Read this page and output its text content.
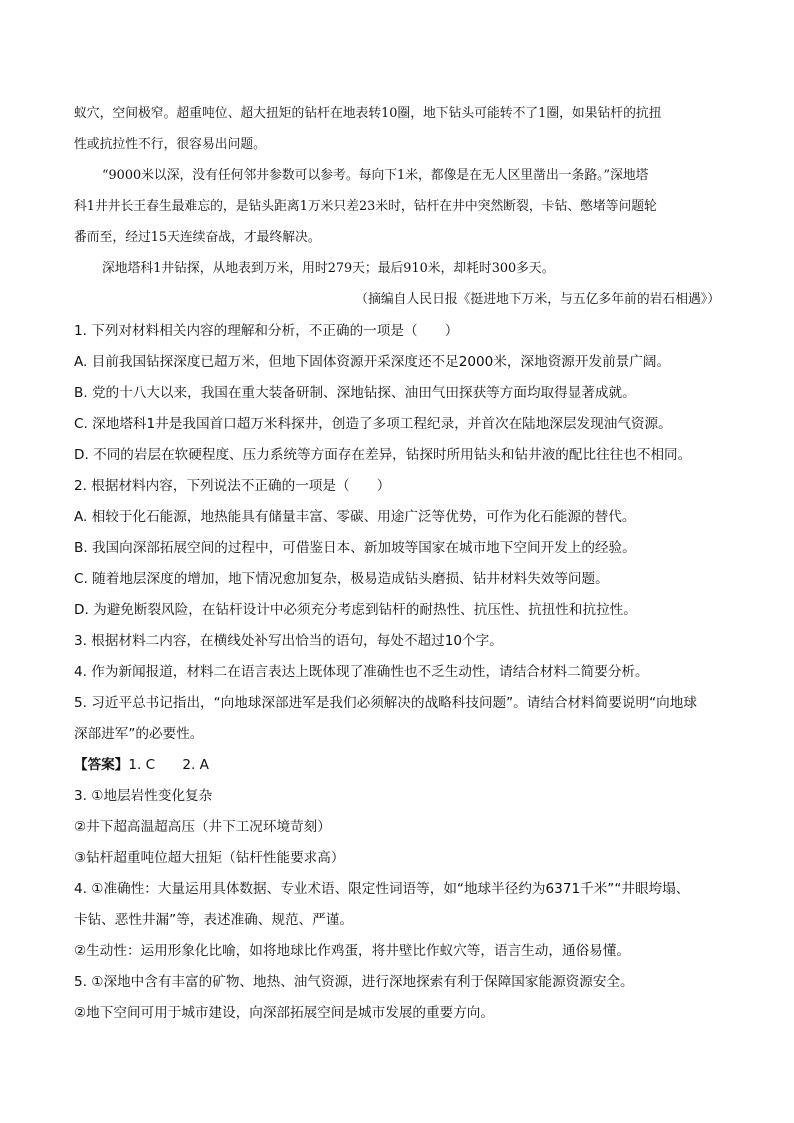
蚁穴，空间极窄。超重吨位、超大扭矩的钻杆在地表转10圈，地下钻头可能转不了1圈，如果钻杆的抗扭
性或抗拉性不行，很容易出问题。
“9000米以深，没有任何邻井参数可以参考。每向下1米，都像是在无人区里凿出一条路。”深地塔
科1井井长王春生最难忘的，是钻头距离1万米只差23米时，钻杆在井中突然断裂，卡钻、憋堵等问题轮
番而至，经过15天连续奋战，才最终解决。
深地塔科1井钻探，从地表到万米，用时279天；最后910米，却耗时300多天。
（摘编自人民日报《挺进地下万米，与五亿多年前的岩石相遇》）
1. 下列对材料相关内容的理解和分析，不正确的一项是（　　）
A. 目前我国钻探深度已超万米，但地下固体资源开采深度还不足2000米，深地资源开发前景广阔。
B. 党的十八大以来，我国在重大装备研制、深地钻探、油田气田探获等方面均取得显著成就。
C. 深地塔科1井是我国首口超万米科探井，创造了多项工程纪录，并首次在陆地深层发现油气资源。
D. 不同的岩层在软硬程度、压力系统等方面存在差异，钻探时所用钻头和钻井液的配比往往也不相同。
2. 根据材料内容，下列说法不正确的一项是（　　）
A. 相较于化石能源，地热能具有储量丰富、零碳、用途广泛等优势，可作为化石能源的替代。
B. 我国向深部拓展空间的过程中，可借鉴日本、新加坡等国家在城市地下空间开发上的经验。
C. 随着地层深度的增加，地下情况愈加复杂，极易造成钻头磨损、钻井材料失效等问题。
D. 为避免断裂风险，在钻杆设计中必须充分考虑到钻杆的耐热性、抗压性、抗扭性和抗拉性。
3. 根据材料二内容，在横线处补写出恰当的语句，每处不超过10个字。
4. 作为新闻报道，材料二在语言表达上既体现了准确性也不乏生动性，请结合材料二简要分析。
5. 习近平总书记指出，“向地球深部进军是我们必须解决的战略科技问题”。请结合材料简要说明“向地球
深部进军”的必要性。
【答案】1. C　　2. A
3. ①地层岩性变化复杂
②井下超高温超高压（井下工况环境苛刻）
③钻杆超重吨位超大扭矩（钻杆性能要求高）
4. ①准确性：大量运用具体数据、专业术语、限定性词语等，如“地球半径约为6371千米”“井眼垮塌、
卡钻、恶性井漏”等，表述准确、规范、严谨。
②生动性：运用形象化比喻，如将地球比作鸡蛋，将井壁比作蚁穴等，语言生动，通俗易懂。
5. ①深地中含有丰富的矿物、地热、油气资源，进行深地探索有利于保障国家能源资源安全。
②地下空间可用于城市建设，向深部拓展空间是城市发展的重要方向。
